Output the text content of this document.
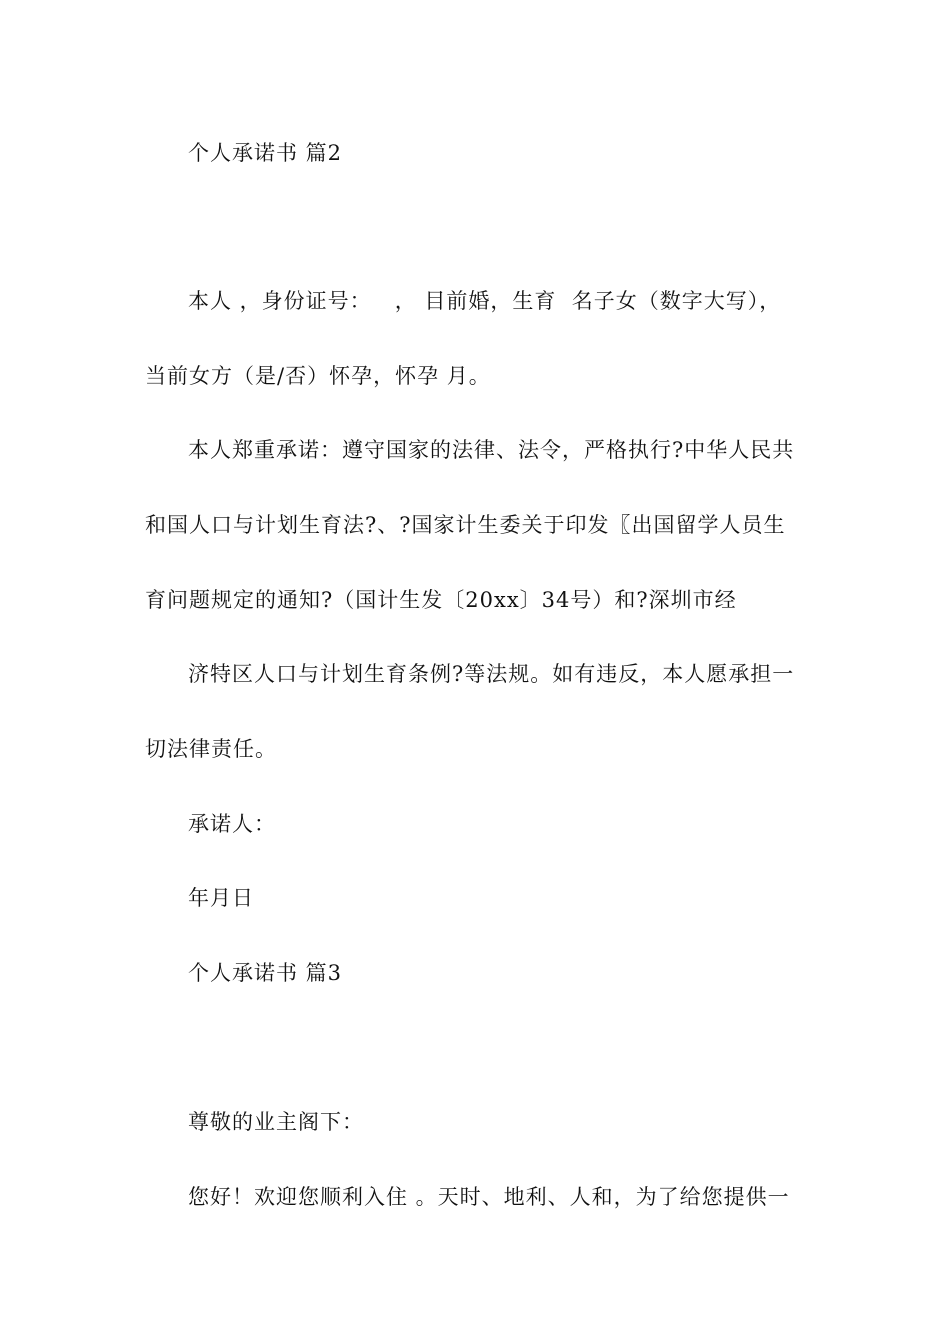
个人承诺书 篇2

本人 ，身份证号：   ， 目前婚，生育  名子女（数字大写），

当前女方（是/否）怀孕，怀孕 月。

本人郑重承诺：遵守国家的法律、法令，严格执行?中华人民共

和国人口与计划生育法?、?国家计生委关于印发〖出国留学人员生

育问题规定的通知?（国计生发〔20xx〕34号）和?深圳市经

济特区人口与计划生育条例?等法规。如有违反，本人愿承担一

切法律责任。

承诺人：

年月日

个人承诺书 篇3

尊敬的业主阁下：

您好！欢迎您顺利入住 。天时、地利、人和，为了给您提供一
